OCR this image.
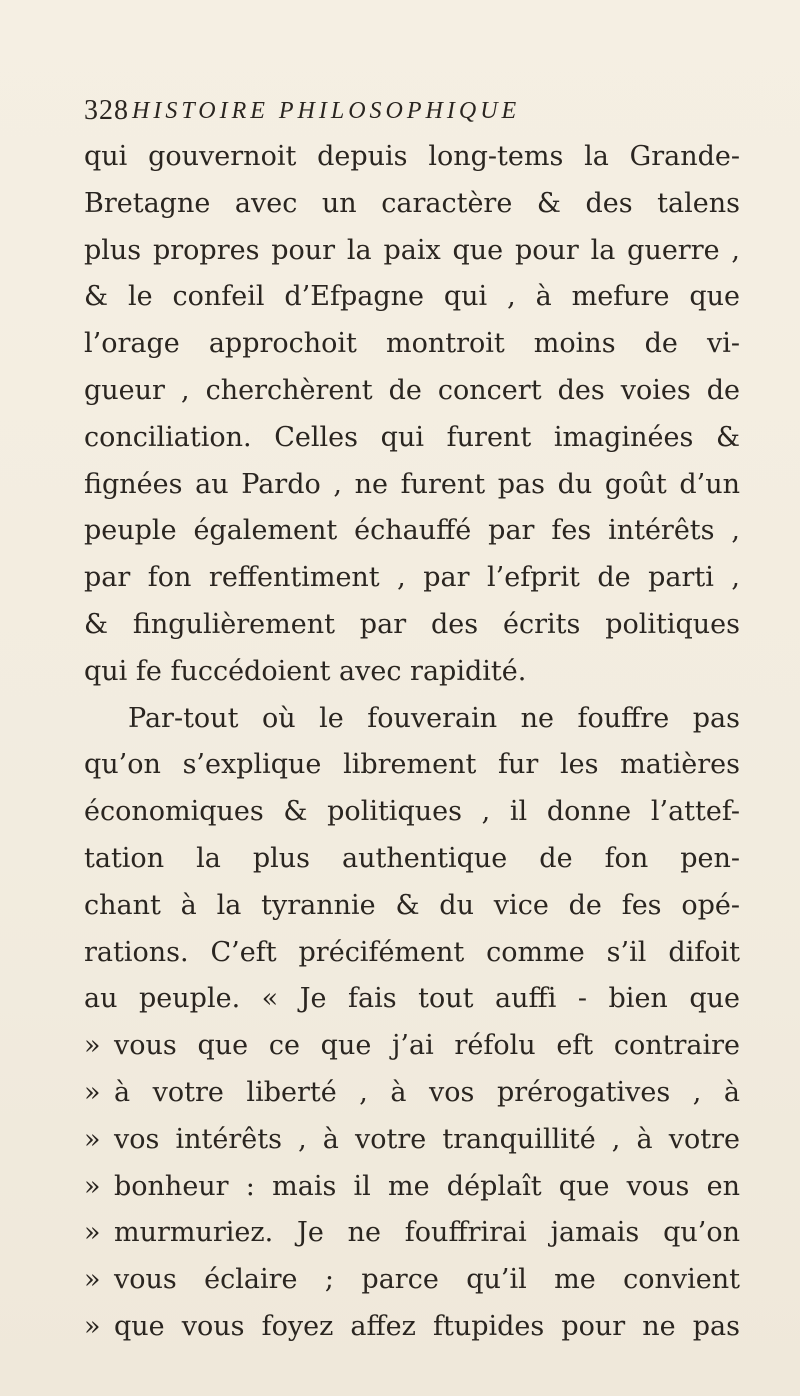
328 HISTOIRE PHILOSOPHIQUE
qui gouvernoit depuis long-tems la Grande-
Bretagne avec un caractère & des talens
plus propres pour la paix que pour la guerre ,
& le confeil d’Efpagne qui , à mefure que
l’orage approchoit montroit moins de vi-
gueur , cherchèrent de concert des voies de
conciliation. Celles qui furent imaginées &
fignées au Pardo , ne furent pas du goût d’un
peuple également échauffé par fes intérêts ,
par fon reffentiment , par l’efprit de parti ,
& fingulièrement par des écrits politiques
qui fe fuccédoient avec rapidité.
Par-tout où le fouverain ne fouffre pas
qu’on s’explique librement fur les matières
économiques & politiques , il donne l’attef-
tation la plus authentique de fon pen-
chant à la tyrannie & du vice de fes opé-
rations. C’eft précifément comme s’il difoit
au peuple. « Je fais tout auffi - bien que
» vous que ce que j’ai réfolu eft contraire
» à votre liberté , à vos prérogatives , à
» vos intérêts , à votre tranquillité , à votre
» bonheur : mais il me déplaît que vous en
» murmuriez. Je ne fouffrirai jamais qu’on
» vous éclaire ; parce qu’il me convient
» que vous foyez affez ftupides pour ne pas
